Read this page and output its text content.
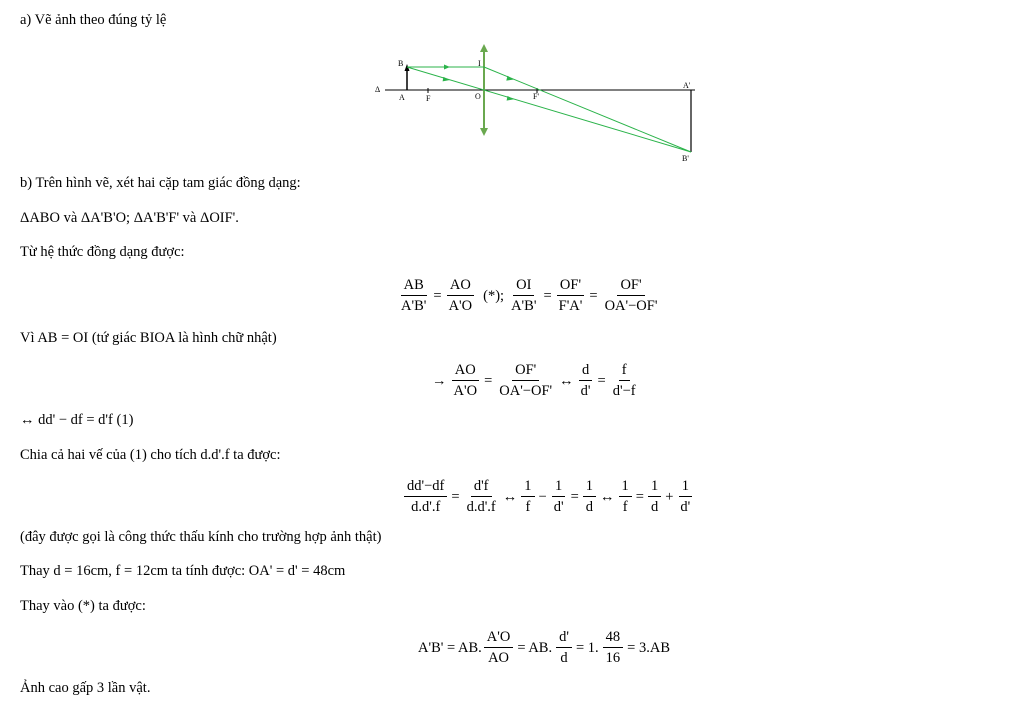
a) Vẽ ảnh theo đúng tỷ lệ
B	I
Δ
A	F	O	F'
A'
B'
b) Trên hình vẽ, xét hai cặp tam giác đồng dạng:
ΔABO và ΔA'B'O; ΔA'B'F' và ΔOIF'.
Từ hệ thức đồng dạng được:
$\frac{AB}{A'B'} = \frac{AO}{A'O}$ (*); $\frac{OI}{A'B'} = \frac{OF'}{F'A'} = \frac{OF'}{OA'-OF'}$
Vì AB = OI (tứ giác BIOA là hình chữ nhật)
→ $\frac{AO}{A'O} = \frac{OF'}{OA'-OF'}$ ↔ $\frac{d}{d'} = \frac{f}{d'-f}$
↔ dd' − df = d'f (1)
Chia cả hai vế của (1) cho tích d.d'.f ta được:
$\frac{dd'-df}{d.d'.f} = \frac{d'f}{d.d'.f}$ ↔ $\frac{1}{f} - \frac{1}{d'} = \frac{1}{d}$ ↔ $\frac{1}{f} = \frac{1}{d} + \frac{1}{d'}$
(đây được gọi là công thức thấu kính cho trường hợp ảnh thật)
Thay d = 16cm, f = 12cm ta tính được: OA' = d' = 48cm
Thay vào (*) ta được:
A'B' = AB. $\frac{A'O}{AO}$ = AB. $\frac{d'}{d} = 1$. $\frac{48}{16} = 3.AB$
Ảnh cao gấp 3 lần vật.
